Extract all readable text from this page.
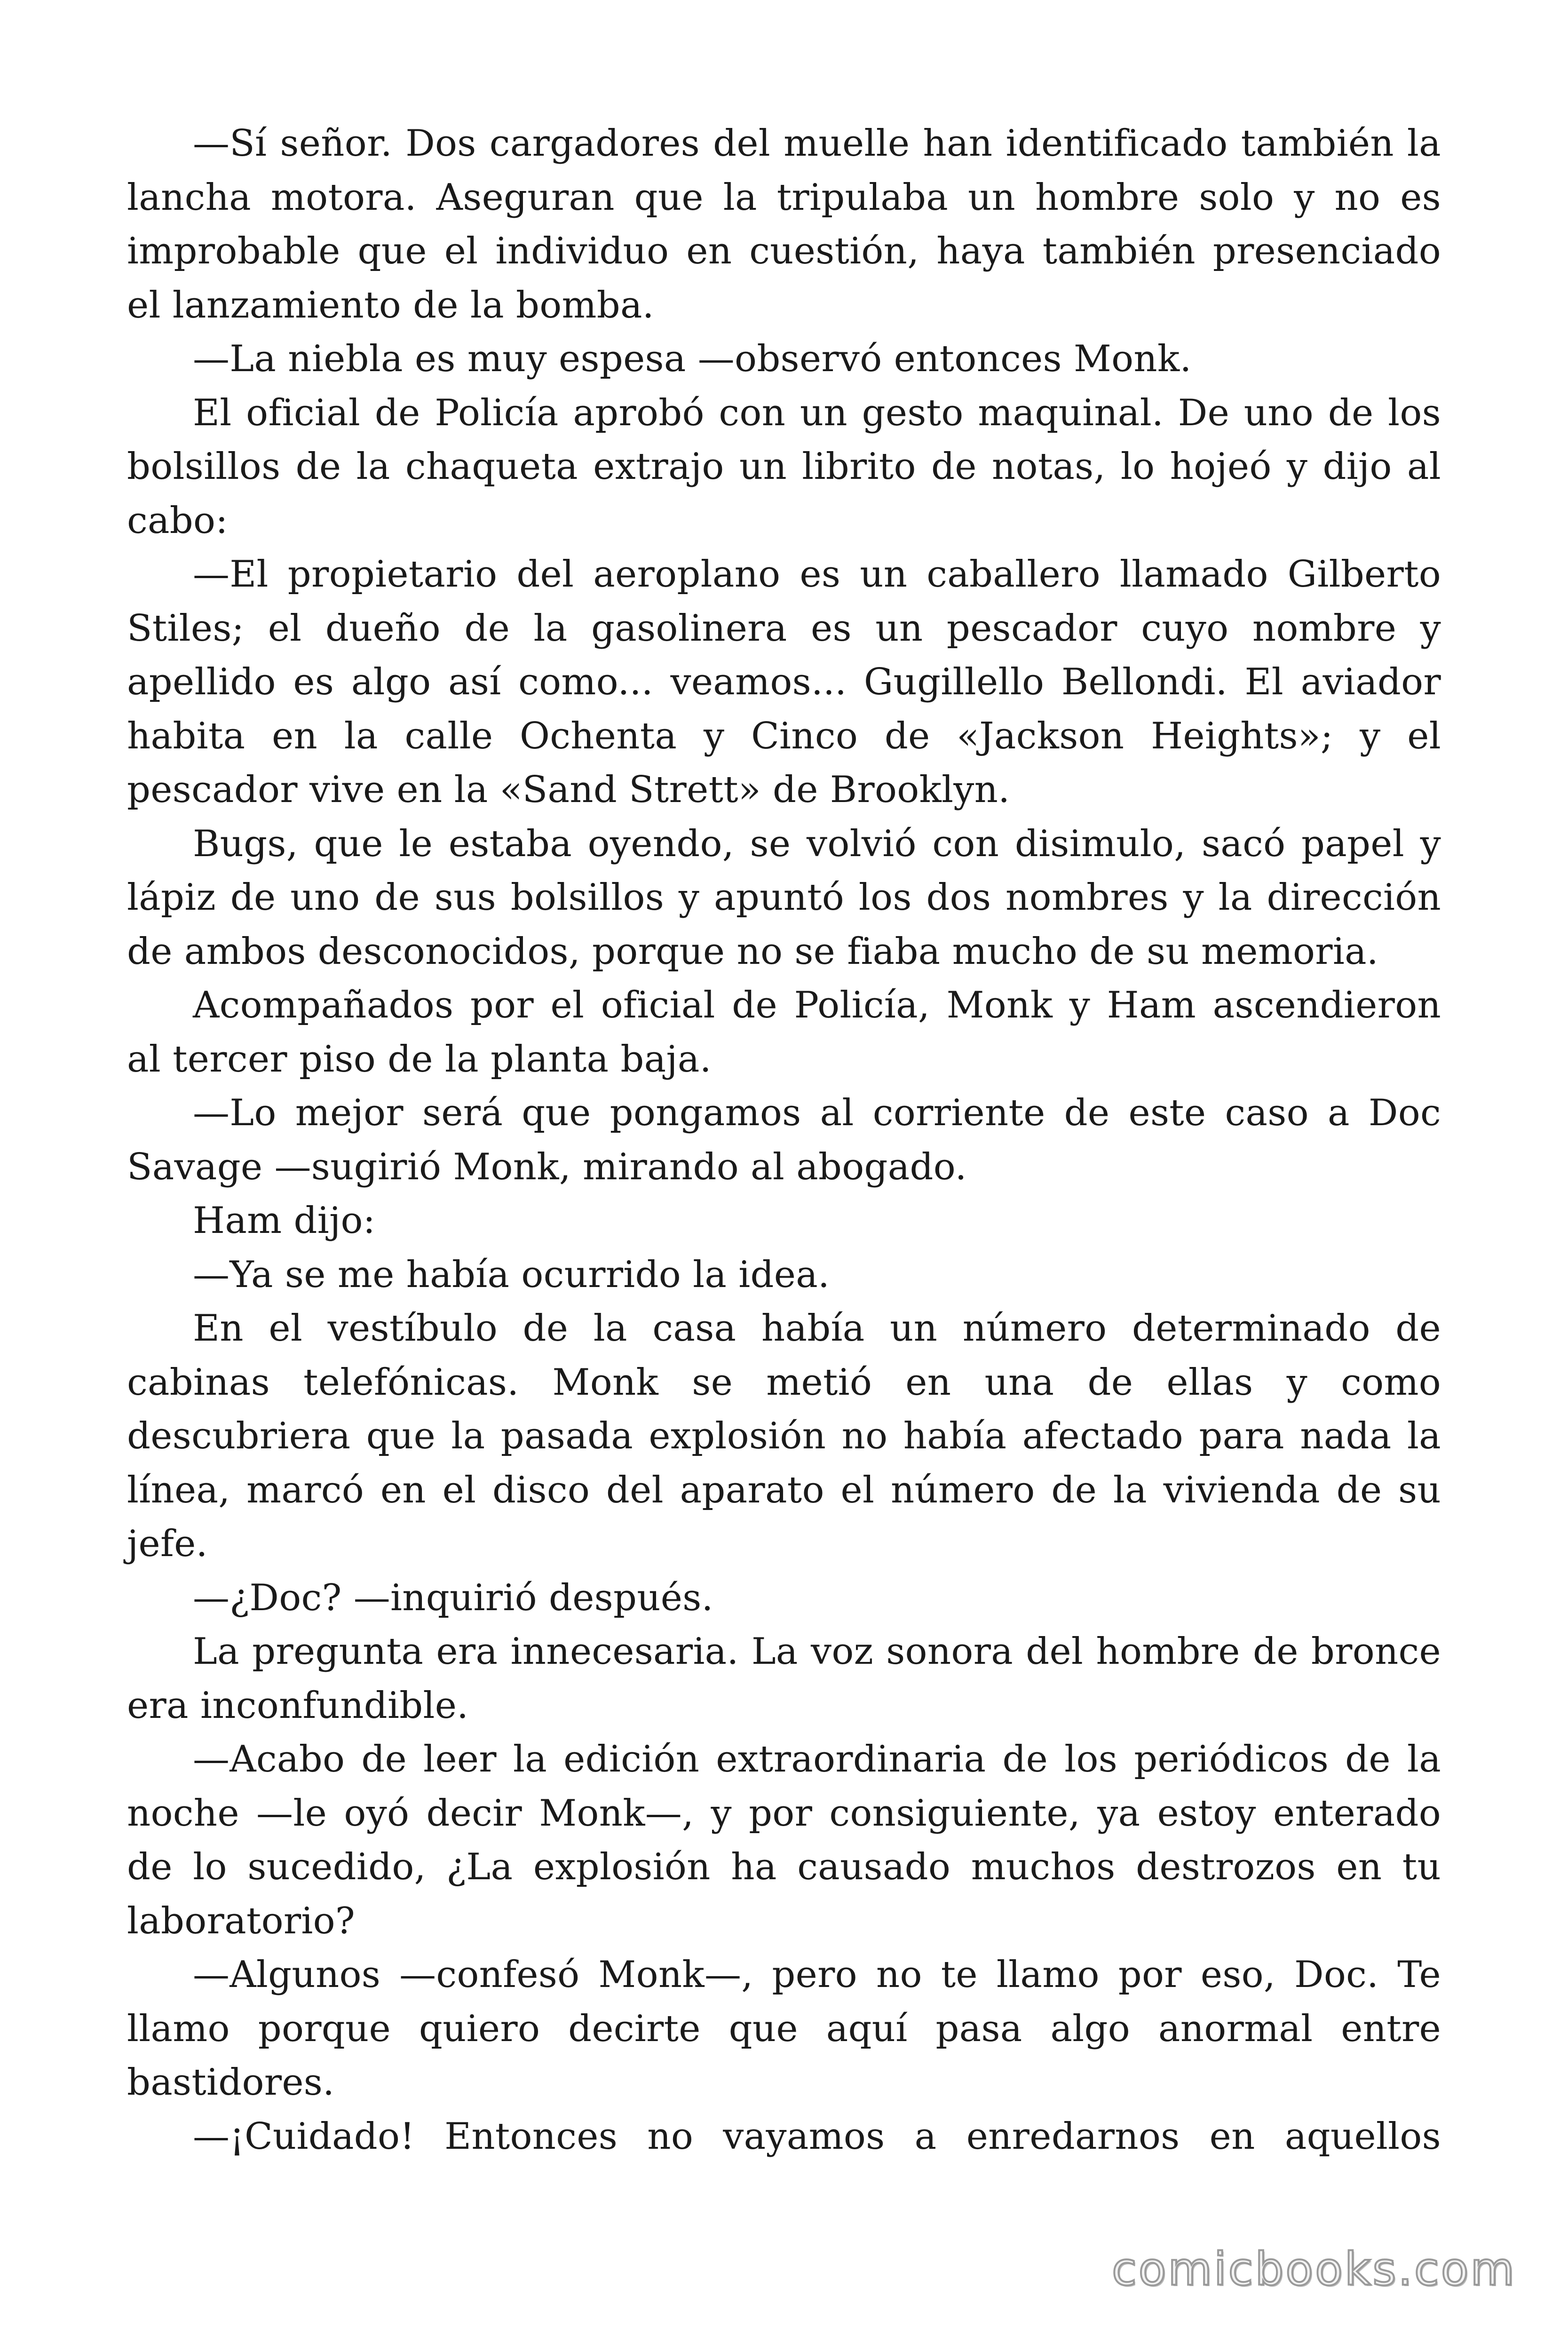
—Sí señor. Dos cargadores del muelle han identificado también la lancha motora. Aseguran que la tripulaba un hombre solo y no es improbable que el individuo en cuestión, haya también presenciado el lanzamiento de la bomba.

—La niebla es muy espesa —observó entonces Monk.

El oficial de Policía aprobó con un gesto maquinal. De uno de los bolsillos de la chaqueta extrajo un librito de notas, lo hojeó y dijo al cabo:

—El propietario del aeroplano es un caballero llamado Gilberto Stiles; el dueño de la gasolinera es un pescador cuyo nombre y apellido es algo así como... veamos... Gugillello Bellondi. El aviador habita en la calle Ochenta y Cinco de «Jackson Heights»; y el pescador vive en la «Sand Strett» de Brooklyn.

Bugs, que le estaba oyendo, se volvió con disimulo, sacó papel y lápiz de uno de sus bolsillos y apuntó los dos nombres y la dirección de ambos desconocidos, porque no se fiaba mucho de su memoria.

Acompañados por el oficial de Policía, Monk y Ham ascendieron al tercer piso de la planta baja.

—Lo mejor será que pongamos al corriente de este caso a Doc Savage —sugirió Monk, mirando al abogado.

Ham dijo:

—Ya se me había ocurrido la idea.

En el vestíbulo de la casa había un número determinado de cabinas telefónicas. Monk se metió en una de ellas y como descubriera que la pasada explosión no había afectado para nada la línea, marcó en el disco del aparato el número de la vivienda de su jefe.

—¿Doc? —inquirió después.

La pregunta era innecesaria. La voz sonora del hombre de bronce era inconfundible.

—Acabo de leer la edición extraordinaria de los periódicos de la noche —le oyó decir Monk—, y por consiguiente, ya estoy enterado de lo sucedido, ¿La explosión ha causado muchos destrozos en tu laboratorio?

—Algunos —confesó Monk—, pero no te llamo por eso, Doc. Te llamo porque quiero decirte que aquí pasa algo anormal entre bastidores.

—¡Cuidado! Entonces no vayamos a enredarnos en aquellos

comicbooks.com
